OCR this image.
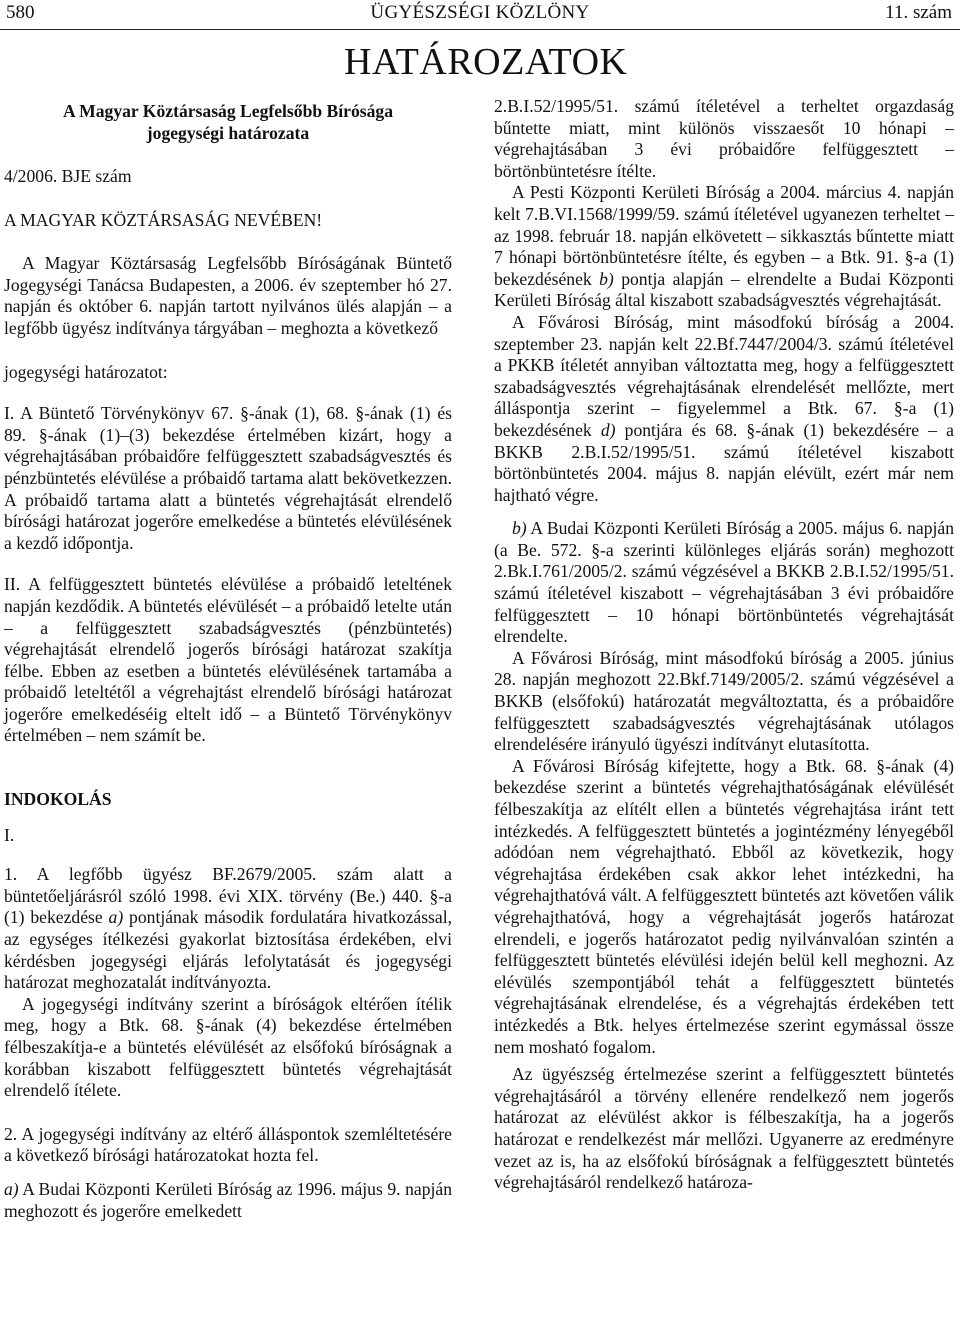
580	ÜGYÉSZSÉGI KÖZLÖNY	11. szám
HATÁROZATOK
A Magyar Köztársaság Legfelsőbb Bírósága
jogegységi határozata

4/2006. BJE szám

A MAGYAR KÖZTÁRSASÁG NEVÉBEN!

A Magyar Köztársaság Legfelsőbb Bíróságának Büntető Jogegységi Tanácsa Budapesten, a 2006. év szeptember hó 27. napján és október 6. napján tartott nyilvános ülés alapján – a legfőbb ügyész indítványa tárgyában – meghozta a következő

jogegységi határozatot:

I. A Büntető Törvénykönyv 67. §-ának (1), 68. §-ának (1) és 89. §-ának (1)–(3) bekezdése értelmében kizárt, hogy a végrehajtásában próbaidőre felfüggesztett szabadságvesztés és pénzbüntetés elévülése a próbaidő tartama alatt bekövetkezzen. A próbaidő tartama alatt a büntetés végrehajtását elrendelő bírósági határozat jogerőre emelkedése a büntetés elévülésének a kezdő időpontja.

II. A felfüggesztett büntetés elévülése a próbaidő leteltének napján kezdődik. A büntetés elévülését – a próbaidő letelte után – a felfüggesztett szabadságvesztés (pénzbüntetés) végrehajtását elrendelő jogerős bírósági határozat szakítja félbe. Ebben az esetben a büntetés elévülésének tartamába a próbaidő leteltétől a végrehajtást elrendelő bírósági határozat jogerőre emelkedéséig eltelt idő – a Büntető Törvénykönyv értelmében – nem számít be.

INDOKOLÁS

I.

1. A legfőbb ügyész BF.2679/2005. szám alatt a büntetőeljárásról szóló 1998. évi XIX. törvény (Be.) 440. §-a (1) bekezdése a) pontjának második fordulatára hivatkozással, az egységes ítélkezési gyakorlat biztosítása érdekében, elvi kérdésben jogegységi eljárás lefolytatását és jogegységi határozat meghozatalát indítványozta.

A jogegységi indítvány szerint a bíróságok eltérően ítélik meg, hogy a Btk. 68. §-ának (4) bekezdése értelmében félbeszakítja-e a büntetés elévülését az elsőfokú bíróságnak a korábban kiszabott felfüggesztett büntetés végrehajtását elrendelő ítélete.

2. A jogegységi indítvány az eltérő álláspontok szemléltetésére a következő bírósági határozatokat hozta fel.

a) A Budai Központi Kerületi Bíróság az 1996. május 9. napján meghozott és jogerőre emelkedett

2.B.I.52/1995/51. számú ítéletével a terheltet orgazdaság bűntette miatt, mint különös visszaesőt 10 hónapi – végrehajtásában 3 évi próbaidőre felfüggesztett – börtönbüntetésre ítélte.

A Pesti Központi Kerületi Bíróság a 2004. március 4. napján kelt 7.B.VI.1568/1999/59. számú ítéletével ugyanezen terheltet – az 1998. február 18. napján elkövetett – sikkasztás bűntette miatt 7 hónapi börtönbüntetésre ítélte, és egyben – a Btk. 91. §-a (1) bekezdésének b) pontja alapján – elrendelte a Budai Központi Kerületi Bíróság által kiszabott szabadságvesztés végrehajtását.

A Fővárosi Bíróság, mint másodfokú bíróság a 2004. szeptember 23. napján kelt 22.Bf.7447/2004/3. számú ítéletével a PKKB ítéletét annyiban változtatta meg, hogy a felfüggesztett szabadságvesztés végrehajtásának elrendelését mellőzte, mert álláspontja szerint – figyelemmel a Btk. 67. §-a (1) bekezdésének d) pontjára és 68. §-ának (1) bekezdésére – a BKKB 2.B.I.52/1995/51. számú ítéletével kiszabott börtönbüntetés 2004. május 8. napján elévült, ezért már nem hajtható végre.

b) A Budai Központi Kerületi Bíróság a 2005. május 6. napján (a Be. 572. §-a szerinti különleges eljárás során) meghozott 2.Bk.I.761/2005/2. számú végzésével a BKKB 2.B.I.52/1995/51. számú ítéletével kiszabott – végrehajtásában 3 évi próbaidőre felfüggesztett – 10 hónapi börtönbüntetés végrehajtását elrendelte.

A Fővárosi Bíróság, mint másodfokú bíróság a 2005. június 28. napján meghozott 22.Bkf.7149/2005/2. számú végzésével a BKKB (elsőfokú) határozatát megváltoztatta, és a próbaidőre felfüggesztett szabadságvesztés végrehajtásának utólagos elrendelésére irányuló ügyészi indítványt elutasította.

A Fővárosi Bíróság kifejtette, hogy a Btk. 68. §-ának (4) bekezdése szerint a büntetés végrehajthatóságának elévülését félbeszakítja az elítélt ellen a büntetés végrehajtása iránt tett intézkedés. A felfüggesztett büntetés a jogintézmény lényegéből adódóan nem végrehajtható. Ebből az következik, hogy végrehajtása érdekében csak akkor lehet intézkedni, ha végrehajthatóvá vált. A felfüggesztett büntetés azt követően válik végrehajthatóvá, hogy a végrehajtását jogerős határozat elrendeli, e jogerős határozatot pedig nyilvánvalóan szintén a felfüggesztett büntetés elévülési idején belül kell meghozni. Az elévülés szempontjából tehát a felfüggesztett büntetés végrehajtásának elrendelése, és a végrehajtás érdekében tett intézkedés a Btk. helyes értelmezése szerint egymással össze nem mosható fogalom.

Az ügyészség értelmezése szerint a felfüggesztett büntetés végrehajtásáról a törvény ellenére rendelkező nem jogerős határozat az elévülést akkor is félbeszakítja, ha a jogerős határozat e rendelkezést már mellőzi. Ugyanerre az eredményre vezet az is, ha az elsőfokú bíróságnak a felfüggesztett büntetés végrehajtásáról rendelkező határoza-
